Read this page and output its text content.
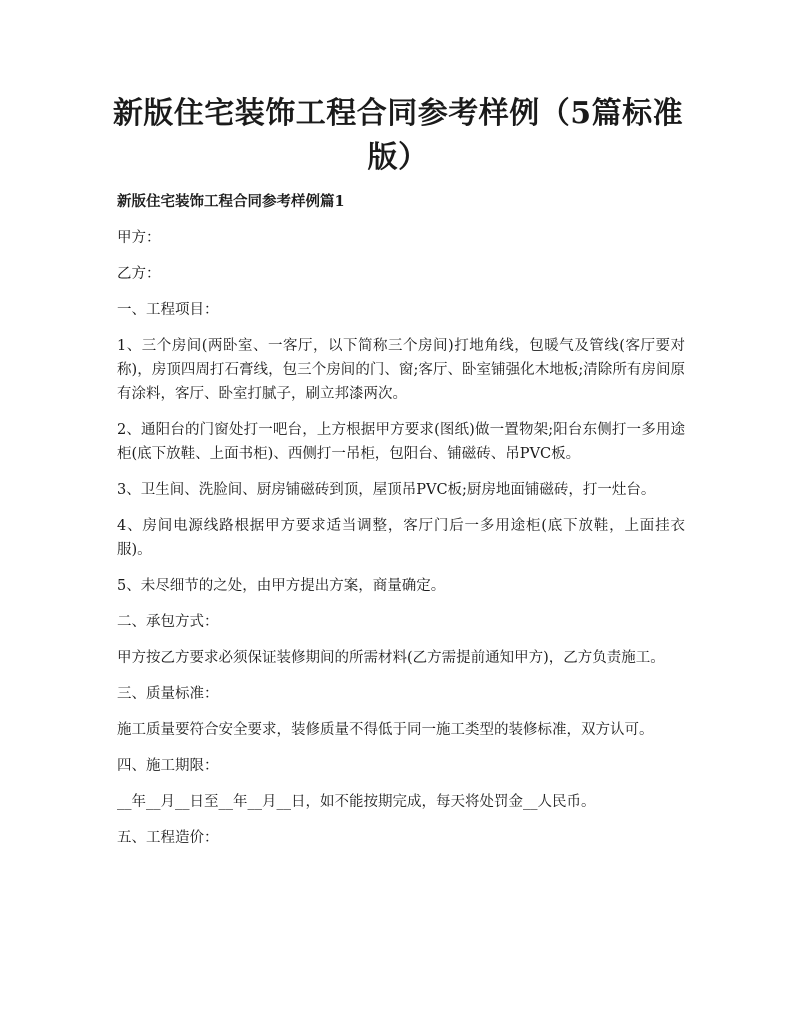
新版住宅装饰工程合同参考样例（5篇标准版）

新版住宅装饰工程合同参考样例篇1

甲方：

乙方：

一、工程项目：

1、三个房间(两卧室、一客厅，以下简称三个房间)打地角线，包暖气及管线(客厅要对称)，房顶四周打石膏线，包三个房间的门、窗;客厅、卧室铺强化木地板;清除所有房间原有涂料，客厅、卧室打腻子，刷立邦漆两次。

2、通阳台的门窗处打一吧台，上方根据甲方要求(图纸)做一置物架;阳台东侧打一多用途柜(底下放鞋、上面书柜)、西侧打一吊柜，包阳台、铺磁砖、吊PVC板。

3、卫生间、洗脸间、厨房铺磁砖到顶，屋顶吊PVC板;厨房地面铺磁砖，打一灶台。

4、房间电源线路根据甲方要求适当调整，客厅门后一多用途柜(底下放鞋，上面挂衣服)。

5、未尽细节的之处，由甲方提出方案，商量确定。

二、承包方式：

甲方按乙方要求必须保证装修期间的所需材料(乙方需提前通知甲方)，乙方负责施工。

三、质量标准：

施工质量要符合安全要求，装修质量不得低于同一施工类型的装修标准，双方认可。

四、施工期限：

__年__月__日至__年__月__日，如不能按期完成，每天将处罚金__人民币。

五、工程造价：
